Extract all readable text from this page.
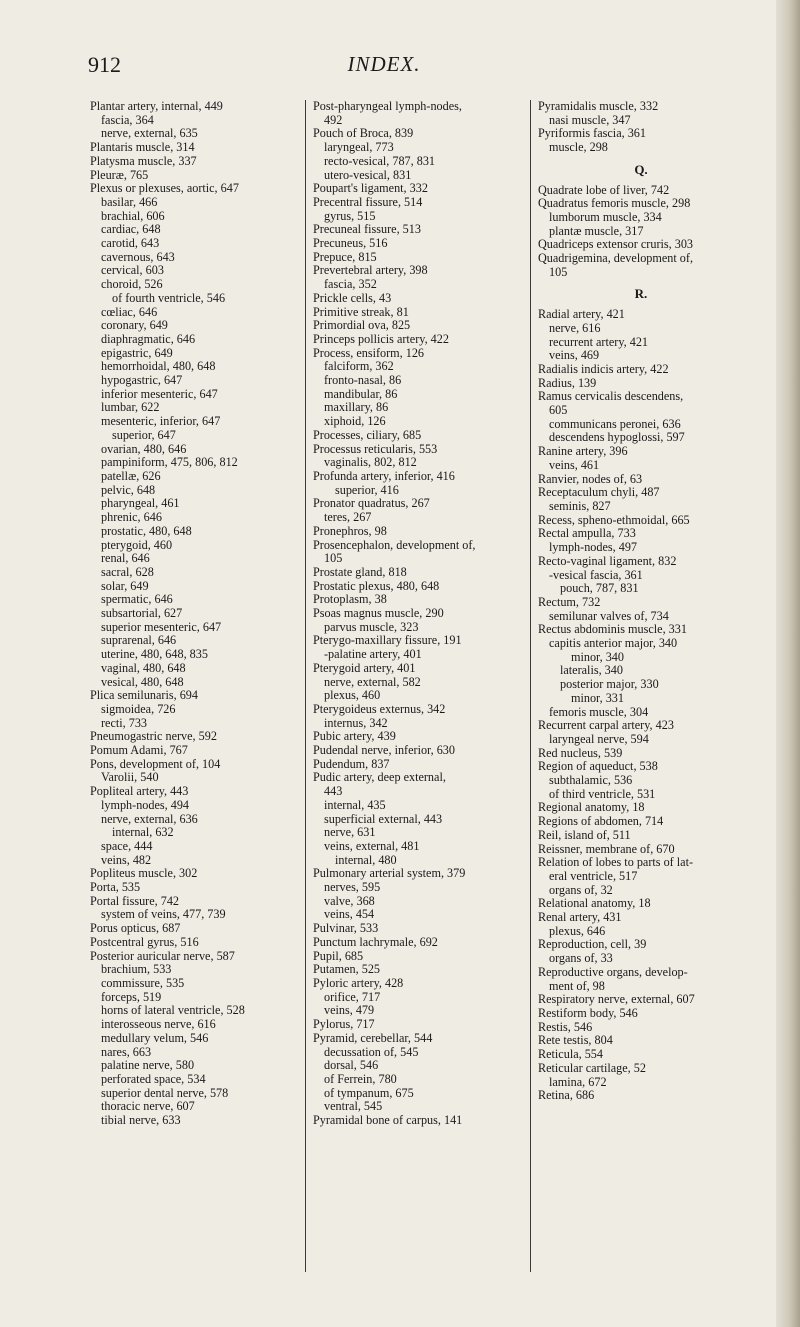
912	INDEX.
Plantar artery, internal, 449
fascia, 364
nerve, external, 635
Plantaris muscle, 314
Platysma muscle, 337
Pleuræ, 765
Plexus or plexuses, aortic, 647
basilar, 466
brachial, 606
cardiac, 648
carotid, 643
cavernous, 643
cervical, 603
choroid, 526
of fourth ventricle, 546
cœliac, 646
coronary, 649
diaphragmatic, 646
epigastric, 649
hemorrhoidal, 480, 648
hypogastric, 647
inferior mesenteric, 647
lumbar, 622
mesenteric, inferior, 647
superior, 647
ovarian, 480, 646
pampiniform, 475, 806, 812
patellæ, 626
pelvic, 648
pharyngeal, 461
phrenic, 646
prostatic, 480, 648
pterygoid, 460
renal, 646
sacral, 628
solar, 649
spermatic, 646
subsartorial, 627
superior mesenteric, 647
suprarenal, 646
uterine, 480, 648, 835
vaginal, 480, 648
vesical, 480, 648
Plica semilunaris, 694
sigmoidea, 726
recti, 733
Pneumogastric nerve, 592
Pomum Adami, 767
Pons, development of, 104
Varolii, 540
Popliteal artery, 443
lymph-nodes, 494
nerve, external, 636
internal, 632
space, 444
veins, 482
Popliteus muscle, 302
Porta, 535
Portal fissure, 742
system of veins, 477, 739
Porus opticus, 687
Postcentral gyrus, 516
Posterior auricular nerve, 587
brachium, 533
commissure, 535
forceps, 519
horns of lateral ventricle, 528
interosseous nerve, 616
medullary velum, 546
nares, 663
palatine nerve, 580
perforated space, 534
superior dental nerve, 578
thoracic nerve, 607
tibial nerve, 633
Post-pharyngeal lymph-nodes,
492
Pouch of Broca, 839
laryngeal, 773
recto-vesical, 787, 831
utero-vesical, 831
Poupart's ligament, 332
Precentral fissure, 514
gyrus, 515
Precuneal fissure, 513
Precuneus, 516
Prepuce, 815
Prevertebral artery, 398
fascia, 352
Prickle cells, 43
Primitive streak, 81
Primordial ova, 825
Princeps pollicis artery, 422
Process, ensiform, 126
falciform, 362
fronto-nasal, 86
mandibular, 86
maxillary, 86
xiphoid, 126
Processes, ciliary, 685
Processus reticularis, 553
vaginalis, 802, 812
Profunda artery, inferior, 416
superior, 416
Pronator quadratus, 267
teres, 267
Pronephros, 98
Prosencephalon, development of,
105
Prostate gland, 818
Prostatic plexus, 480, 648
Protoplasm, 38
Psoas magnus muscle, 290
parvus muscle, 323
Pterygo-maxillary fissure, 191
-palatine artery, 401
Pterygoid artery, 401
nerve, external, 582
plexus, 460
Pterygoideus externus, 342
internus, 342
Pubic artery, 439
Pudendal nerve, inferior, 630
Pudendum, 837
Pudic artery, deep external,
443
internal, 435
superficial external, 443
nerve, 631
veins, external, 481
internal, 480
Pulmonary arterial system, 379
nerves, 595
valve, 368
veins, 454
Pulvinar, 533
Punctum lachrymale, 692
Pupil, 685
Putamen, 525
Pyloric artery, 428
orifice, 717
veins, 479
Pylorus, 717
Pyramid, cerebellar, 544
decussation of, 545
dorsal, 546
of Ferrein, 780
of tympanum, 675
ventral, 545
Pyramidal bone of carpus, 141
Pyramidalis muscle, 332
nasi muscle, 347
Pyriformis fascia, 361
muscle, 298
Q.
Quadrate lobe of liver, 742
Quadratus femoris muscle, 298
lumborum muscle, 334
plantæ muscle, 317
Quadriceps extensor cruris, 303
Quadrigemina, development of,
105
R.
Radial artery, 421
nerve, 616
recurrent artery, 421
veins, 469
Radialis indicis artery, 422
Radius, 139
Ramus cervicalis descendens,
605
communicans peronei, 636
descendens hypoglossi, 597
Ranine artery, 396
veins, 461
Ranvier, nodes of, 63
Receptaculum chyli, 487
seminis, 827
Recess, spheno-ethmoidal, 665
Rectal ampulla, 733
lymph-nodes, 497
Recto-vaginal ligament, 832
-vesical fascia, 361
pouch, 787, 831
Rectum, 732
semilunar valves of, 734
Rectus abdominis muscle, 331
capitis anterior major, 340
minor, 340
lateralis, 340
posterior major, 330
minor, 331
femoris muscle, 304
Recurrent carpal artery, 423
laryngeal nerve, 594
Red nucleus, 539
Region of aqueduct, 538
subthalamic, 536
of third ventricle, 531
Regional anatomy, 18
Regions of abdomen, 714
Reil, island of, 511
Reissner, membrane of, 670
Relation of lobes to parts of lat-
eral ventricle, 517
organs of, 32
Relational anatomy, 18
Renal artery, 431
plexus, 646
Reproduction, cell, 39
organs of, 33
Reproductive organs, develop-
ment of, 98
Respiratory nerve, external, 607
Restiform body, 546
Restis, 546
Rete testis, 804
Reticula, 554
Reticular cartilage, 52
lamina, 672
Retina, 686
